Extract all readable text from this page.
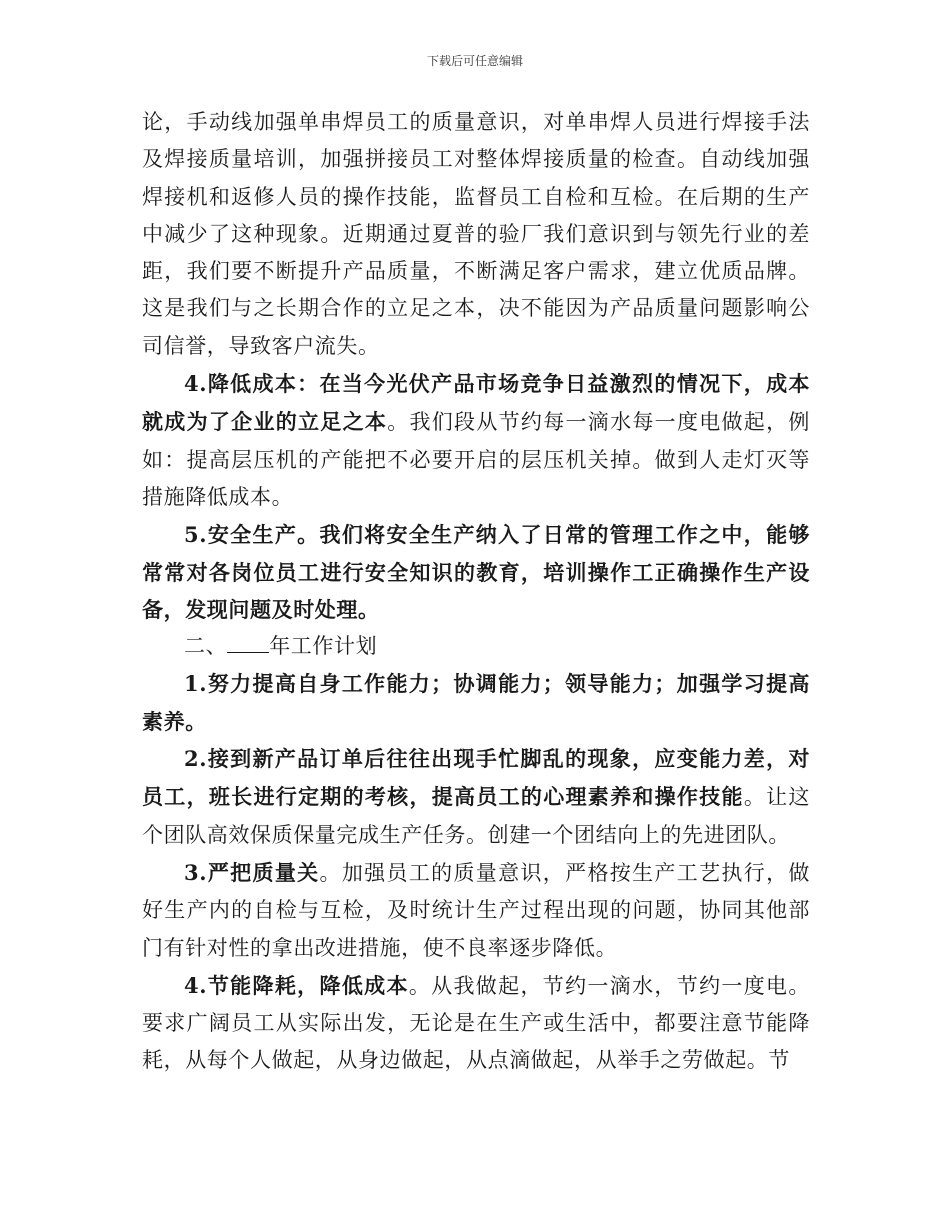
下载后可任意编辑

论，手动线加强单串焊员工的质量意识，对单串焊人员进行焊接手法及焊接质量培训，加强拼接员工对整体焊接质量的检查。自动线加强焊接机和返修人员的操作技能，监督员工自检和互检。在后期的生产中减少了这种现象。近期通过夏普的验厂我们意识到与领先行业的差距，我们要不断提升产品质量，不断满足客户需求，建立优质品牌。这是我们与之长期合作的立足之本，决不能因为产品质量问题影响公司信誉，导致客户流失。

4.降低成本：在当今光伏产品市场竞争日益激烈的情况下，成本就成为了企业的立足之本。我们段从节约每一滴水每一度电做起，例如：提高层压机的产能把不必要开启的层压机关掉。做到人走灯灭等措施降低成本。

5.安全生产。我们将安全生产纳入了日常的管理工作之中，能够常常对各岗位员工进行安全知识的教育，培训操作工正确操作生产设备，发现问题及时处理。

二、 年工作计划

1.努力提高自身工作能力；协调能力；领导能力；加强学习提高素养。

2.接到新产品订单后往往出现手忙脚乱的现象，应变能力差，对员工，班长进行定期的考核，提高员工的心理素养和操作技能。让这个团队高效保质保量完成生产任务。创建一个团结向上的先进团队。

3.严把质量关。加强员工的质量意识，严格按生产工艺执行，做好生产内的自检与互检，及时统计生产过程出现的问题，协同其他部门有针对性的拿出改进措施，使不良率逐步降低。

4.节能降耗，降低成本。从我做起，节约一滴水，节约一度电。要求广阔员工从实际出发，无论是在生产或生活中，都要注意节能降耗，从每个人做起，从身边做起，从点滴做起，从举手之劳做起。节
